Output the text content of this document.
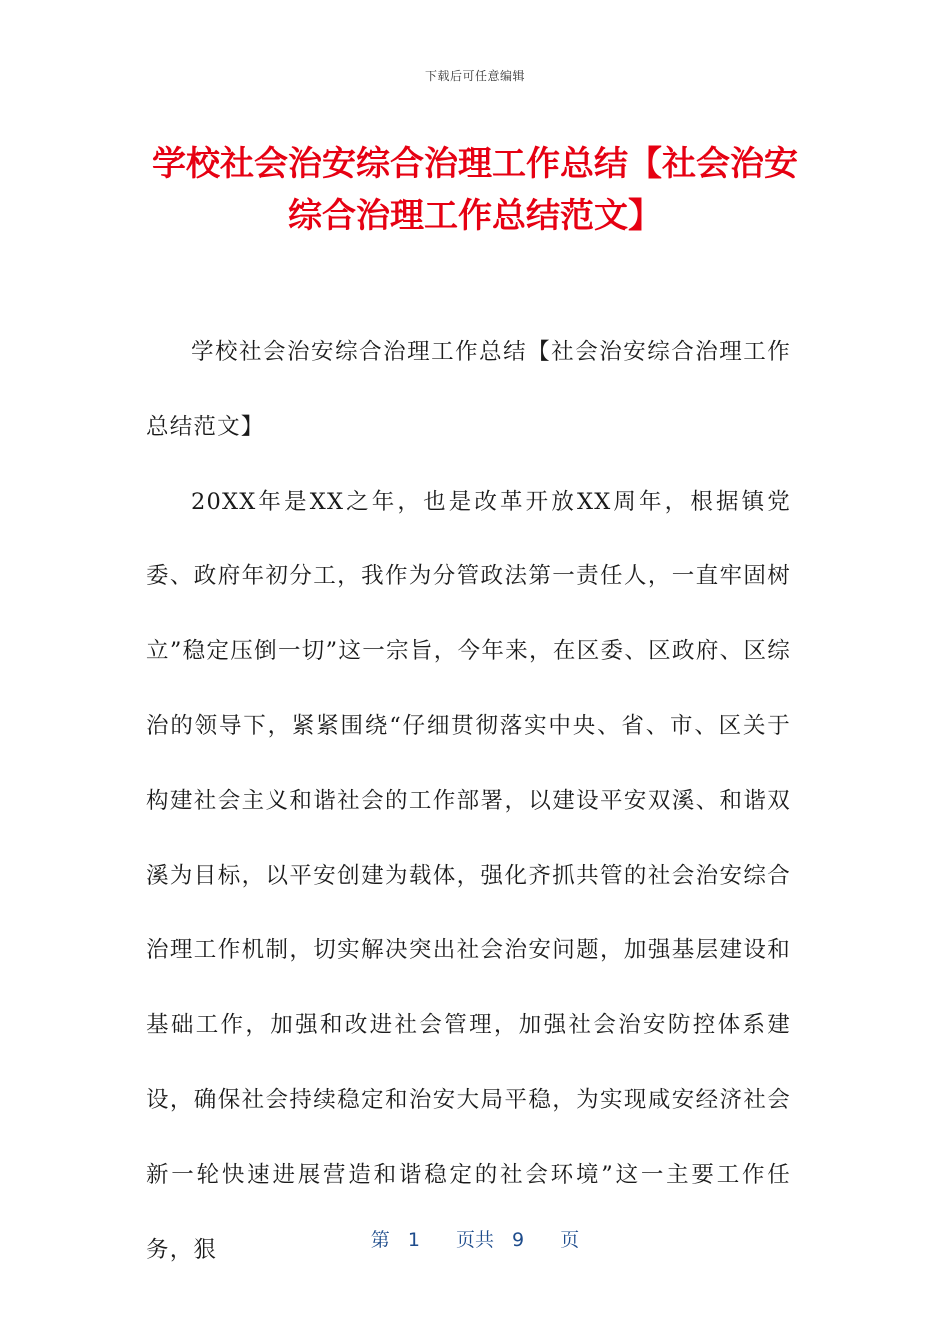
下载后可任意编辑
学校社会治安综合治理工作总结【社会治安综合治理工作总结范文】

学校社会治安综合治理工作总结【社会治安综合治理工作总结范文】

20XX年是XX之年，也是改革开放XX周年，根据镇党委、政府年初分工，我作为分管政法第一责任人，一直牢固树立”稳定压倒一切”这一宗旨，今年来，在区委、区政府、区综治的领导下，紧紧围绕“仔细贯彻落实中央、省、市、区关于构建社会主义和谐社会的工作部署，以建设平安双溪、和谐双溪为目标，以平安创建为载体，强化齐抓共管的社会治安综合治理工作机制，切实解决突出社会治安问题，加强基层建设和基础工作，加强和改进社会管理，加强社会治安防控体系建设，确保社会持续稳定和治安大局平稳，为实现咸安经济社会新一轮快速进展营造和谐稳定的社会环境”这一主要工作任务，狠	第 1 页共 9 页
